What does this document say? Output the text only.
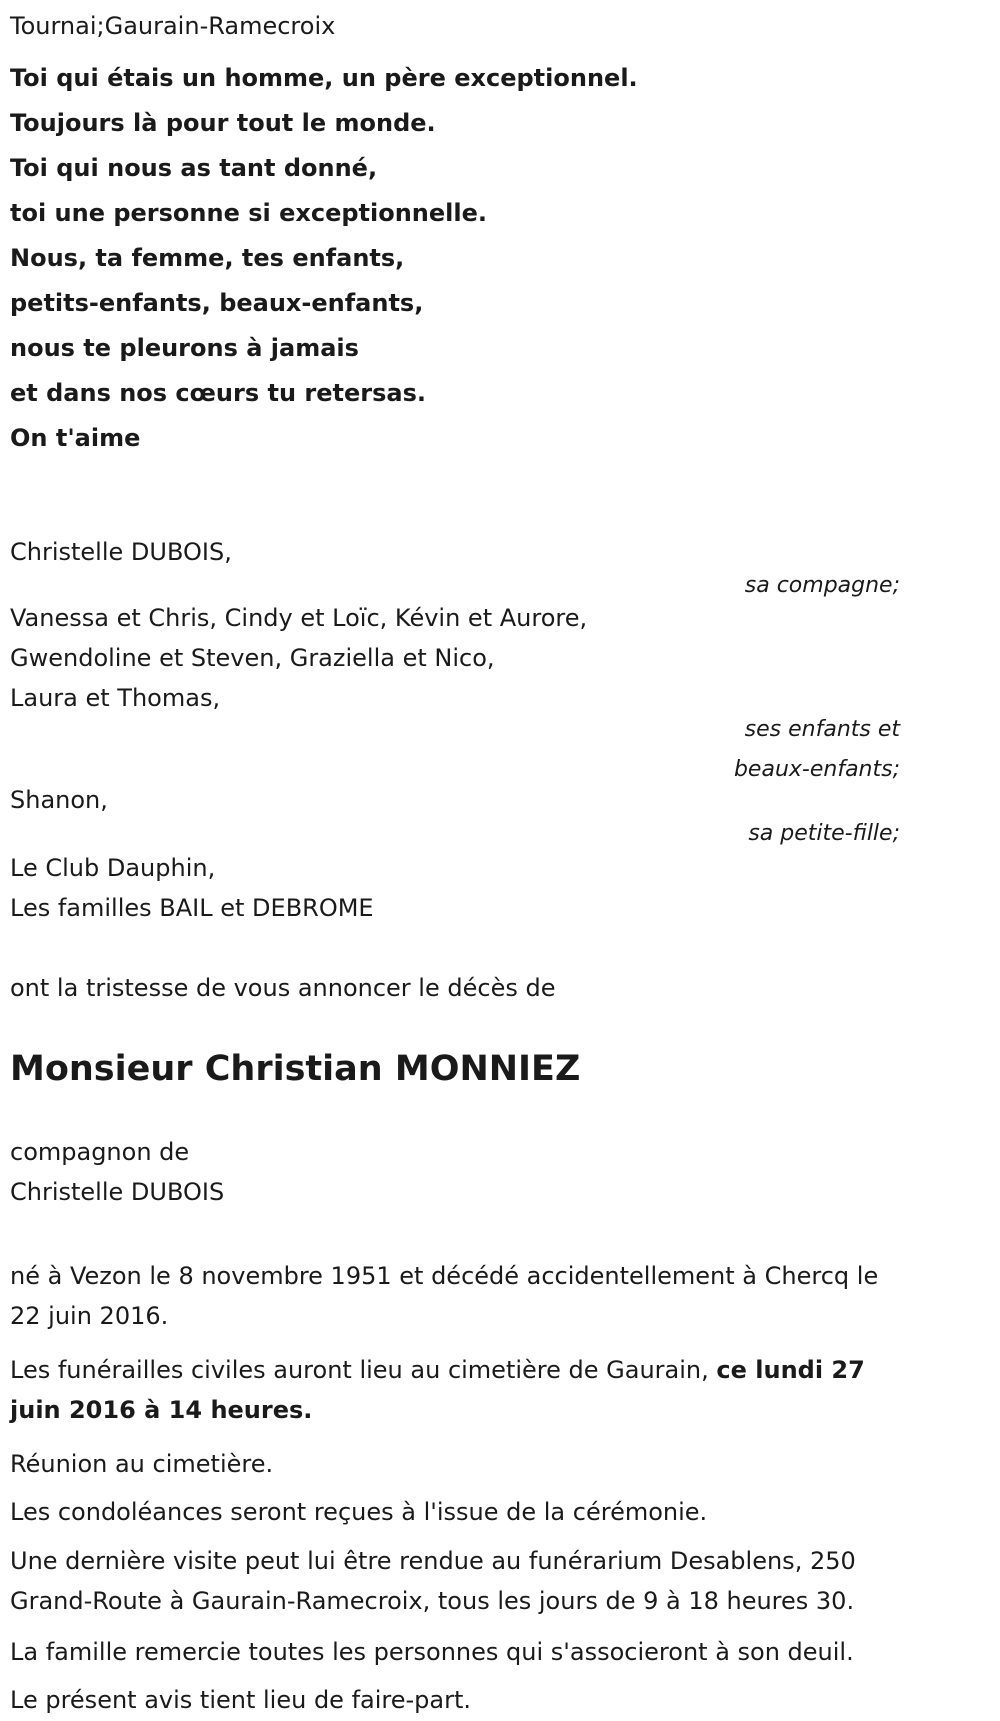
Tournai;Gaurain-Ramecroix
Toi qui étais un homme, un père exceptionnel.
Toujours là pour tout le monde.
Toi qui nous as tant donné,
toi une personne si exceptionnelle.
Nous, ta femme, tes enfants,
petits-enfants, beaux-enfants,
nous te pleurons à jamais
et dans nos cœurs tu retersas.
On t'aime
Christelle DUBOIS,
sa compagne;
Vanessa et Chris, Cindy et Loïc, Kévin et Aurore,
Gwendoline et Steven, Graziella et Nico,
Laura et Thomas,
ses enfants et
beaux-enfants;
Shanon,
sa petite-fille;
Le Club Dauphin,
Les familles BAIL et DEBROME
ont la tristesse de vous annoncer le décès de
Monsieur Christian MONNIEZ
compagnon de
Christelle DUBOIS
né à Vezon le 8 novembre 1951 et décédé accidentellement à Chercq le 22 juin 2016.
Les funérailles civiles auront lieu au cimetière de Gaurain, ce lundi 27 juin 2016 à 14 heures.
Réunion au cimetière.
Les condoléances seront reçues à l'issue de la cérémonie.
Une dernière visite peut lui être rendue au funérarium Desablens, 250 Grand-Route à Gaurain-Ramecroix, tous les jours de 9 à 18 heures 30.
La famille remercie toutes les personnes qui s'associeront à son deuil.
Le présent avis tient lieu de faire-part.
